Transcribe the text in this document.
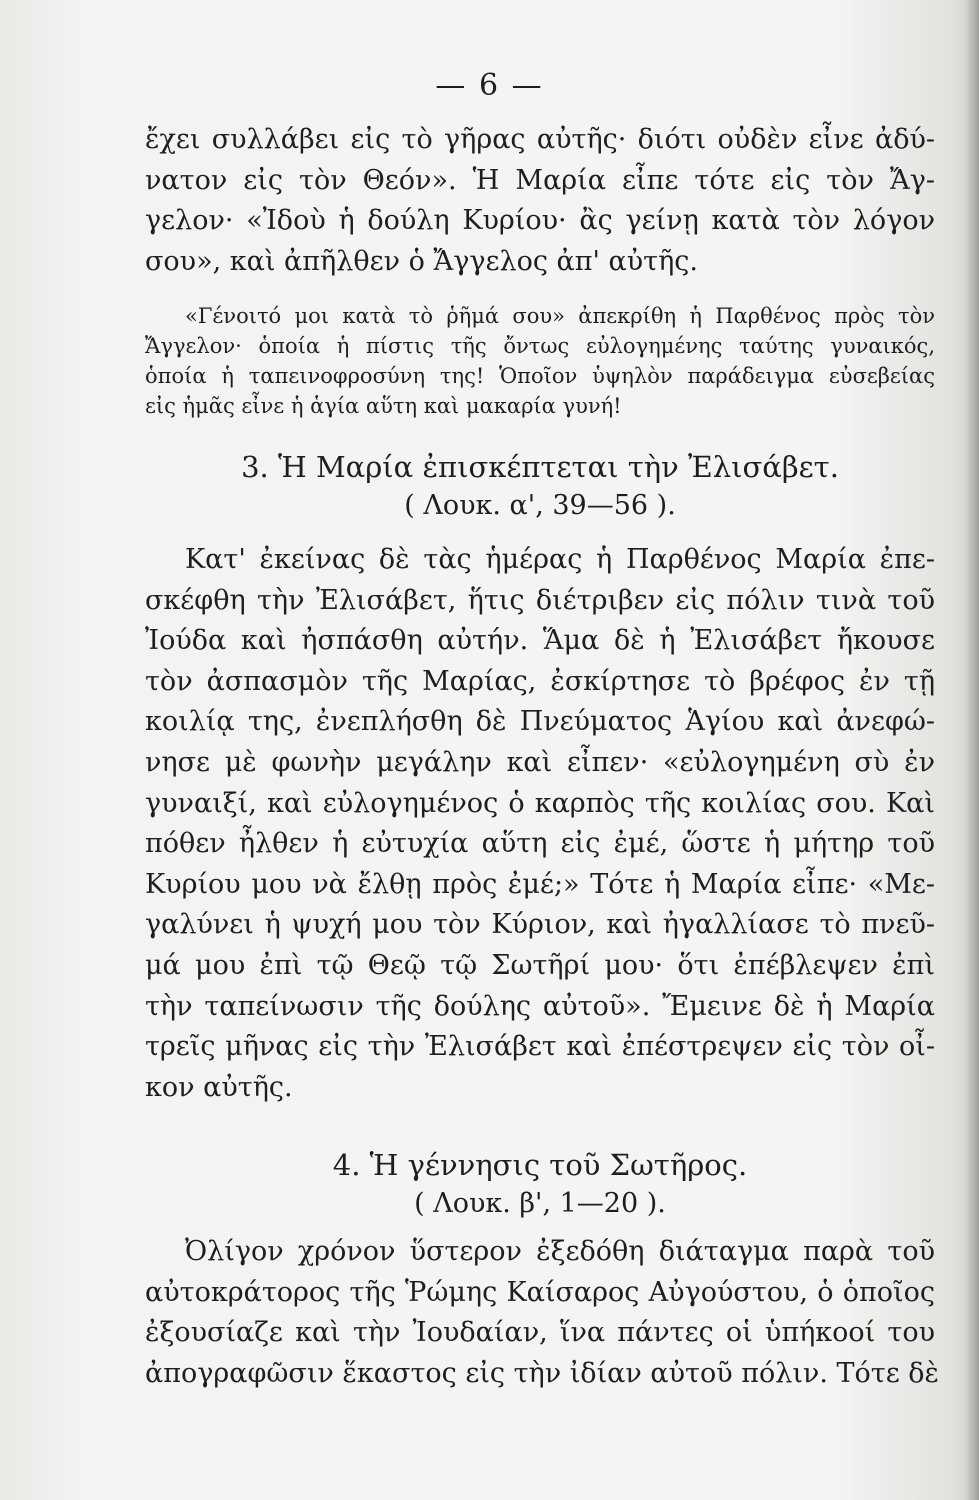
— 6 —
ἔχει συλλάβει εἰς τὸ γῆρας αὐτῆς· διότι οὐδὲν εἶνε ἀδύ-
νατον εἰς τὸν Θεόν». Ἡ Μαρία εἶπε τότε εἰς τὸν Ἄγ-
γελον· «Ἰδοὺ ἡ δούλη Κυρίου· ἂς γείνῃ κατὰ τὸν λόγον
σου», καὶ ἀπῆλθεν ὁ Ἄγγελος ἀπ' αὐτῆς.
«Γένοιτό μοι κατὰ τὸ ῥῆμά σου» ἀπεκρίθη ἡ Παρθένος πρὸς τὸν
Ἄγγελον· ὁποία ἡ πίστις τῆς ὄντως εὐλογημένης ταύτης γυναικός,
ὁποία ἡ ταπεινοφροσύνη της! Ὁποῖον ὑψηλὸν παράδειγμα εὐσεβείας
εἰς ἡμᾶς εἶνε ἡ ἁγία αὕτη καὶ μακαρία γυνή!
3. Ἡ Μαρία ἐπισκέπτεται τὴν Ἐλισάβετ.
( Λουκ. α', 39—56 ).
Κατ' ἐκείνας δὲ τὰς ἡμέρας ἡ Παρθένος Μαρία ἐπε-
σκέφθη τὴν Ἐλισάβετ, ἥτις διέτριβεν εἰς πόλιν τινὰ τοῦ
Ἰούδα καὶ ἠσπάσθη αὐτήν. Ἅμα δὲ ἡ Ἐλισάβετ ἤκουσε
τὸν ἀσπασμὸν τῆς Μαρίας, ἐσκίρτησε τὸ βρέφος ἐν τῇ
κοιλίᾳ της, ἐνεπλήσθη δὲ Πνεύματος Ἁγίου καὶ ἀνεφώ-
νησε μὲ φωνὴν μεγάλην καὶ εἶπεν· «εὐλογημένη σὺ ἐν
γυναιξί, καὶ εὐλογημένος ὁ καρπὸς τῆς κοιλίας σου. Καὶ
πόθεν ἦλθεν ἡ εὐτυχία αὕτη εἰς ἐμέ, ὥστε ἡ μήτηρ τοῦ
Κυρίου μου νὰ ἔλθῃ πρὸς ἐμέ;» Τότε ἡ Μαρία εἶπε· «Με-
γαλύνει ἡ ψυχή μου τὸν Κύριον, καὶ ἠγαλλίασε τὸ πνεῦ-
μά μου ἐπὶ τῷ Θεῷ τῷ Σωτῆρί μου· ὅτι ἐπέβλεψεν ἐπὶ
τὴν ταπείνωσιν τῆς δούλης αὐτοῦ». Ἔμεινε δὲ ἡ Μαρία
τρεῖς μῆνας εἰς τὴν Ἐλισάβετ καὶ ἐπέστρεψεν εἰς τὸν οἶ-
κον αὐτῆς.
4. Ἡ γέννησις τοῦ Σωτῆρος.
( Λουκ. β', 1—20 ).
Ὀλίγον χρόνον ὕστερον ἐξεδόθη διάταγμα παρὰ τοῦ
αὐτοκράτορος τῆς Ῥώμης Καίσαρος Αὐγούστου, ὁ ὁποῖος
ἐξουσίαζε καὶ τὴν Ἰουδαίαν, ἵνα πάντες οἱ ὑπήκοοί του
ἀπογραφῶσιν ἕκαστος εἰς τὴν ἰδίαν αὐτοῦ πόλιν. Τότε δὲ
